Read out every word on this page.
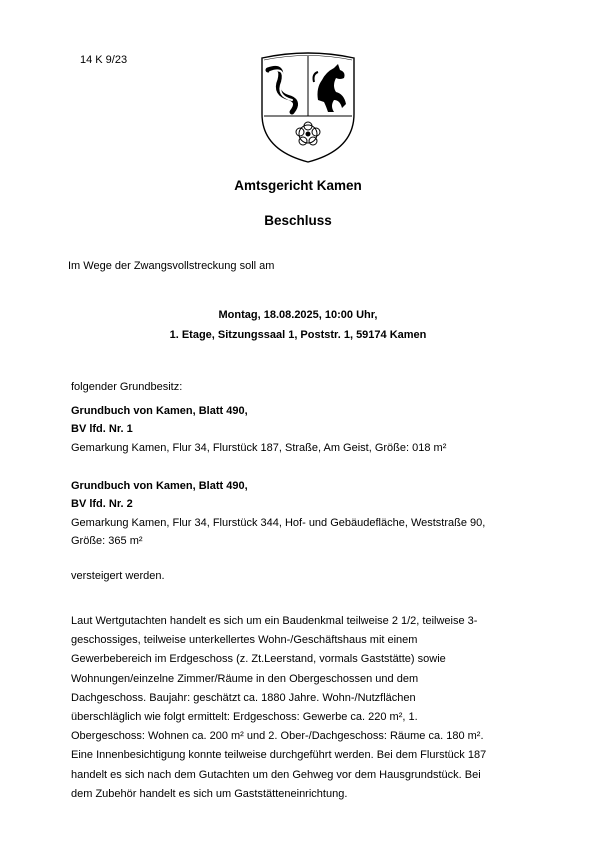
14 K 9/23
Amtsgericht Kamen
Beschluss
Im Wege der Zwangsvollstreckung soll am
Montag, 18.08.2025, 10:00 Uhr,
1. Etage, Sitzungssaal 1, Poststr. 1, 59174 Kamen
folgender Grundbesitz:
Grundbuch von Kamen, Blatt 490,
BV lfd. Nr. 1
Gemarkung Kamen, Flur 34, Flurstück 187, Straße, Am Geist, Größe: 018 m²
Grundbuch von Kamen, Blatt 490,
BV lfd. Nr. 2
Gemarkung Kamen, Flur 34, Flurstück 344, Hof- und Gebäudefläche, Weststraße 90,
Größe: 365 m²
versteigert werden.
Laut Wertgutachten handelt es sich um ein Baudenkmal teilweise 2 1/2, teilweise 3-
geschossiges, teilweise unterkellertes Wohn-/Geschäftshaus mit einem
Gewerbebereich im Erdgeschoss (z. Zt.Leerstand, vormals Gaststätte) sowie
Wohnungen/einzelne Zimmer/Räume in den Obergeschossen und dem
Dachgeschoss. Baujahr: geschätzt ca. 1880 Jahre. Wohn-/Nutzflächen
überschläglich wie folgt ermittelt: Erdgeschoss: Gewerbe ca. 220 m², 1.
Obergeschoss: Wohnen ca. 200 m² und 2. Ober-/Dachgeschoss: Räume ca. 180 m².
Eine Innenbesichtigung konnte teilweise durchgeführt werden. Bei dem Flurstück 187
handelt es sich nach dem Gutachten um den Gehweg vor dem Hausgrundstück. Bei
dem Zubehör handelt es sich um Gaststätteneinrichtung.
